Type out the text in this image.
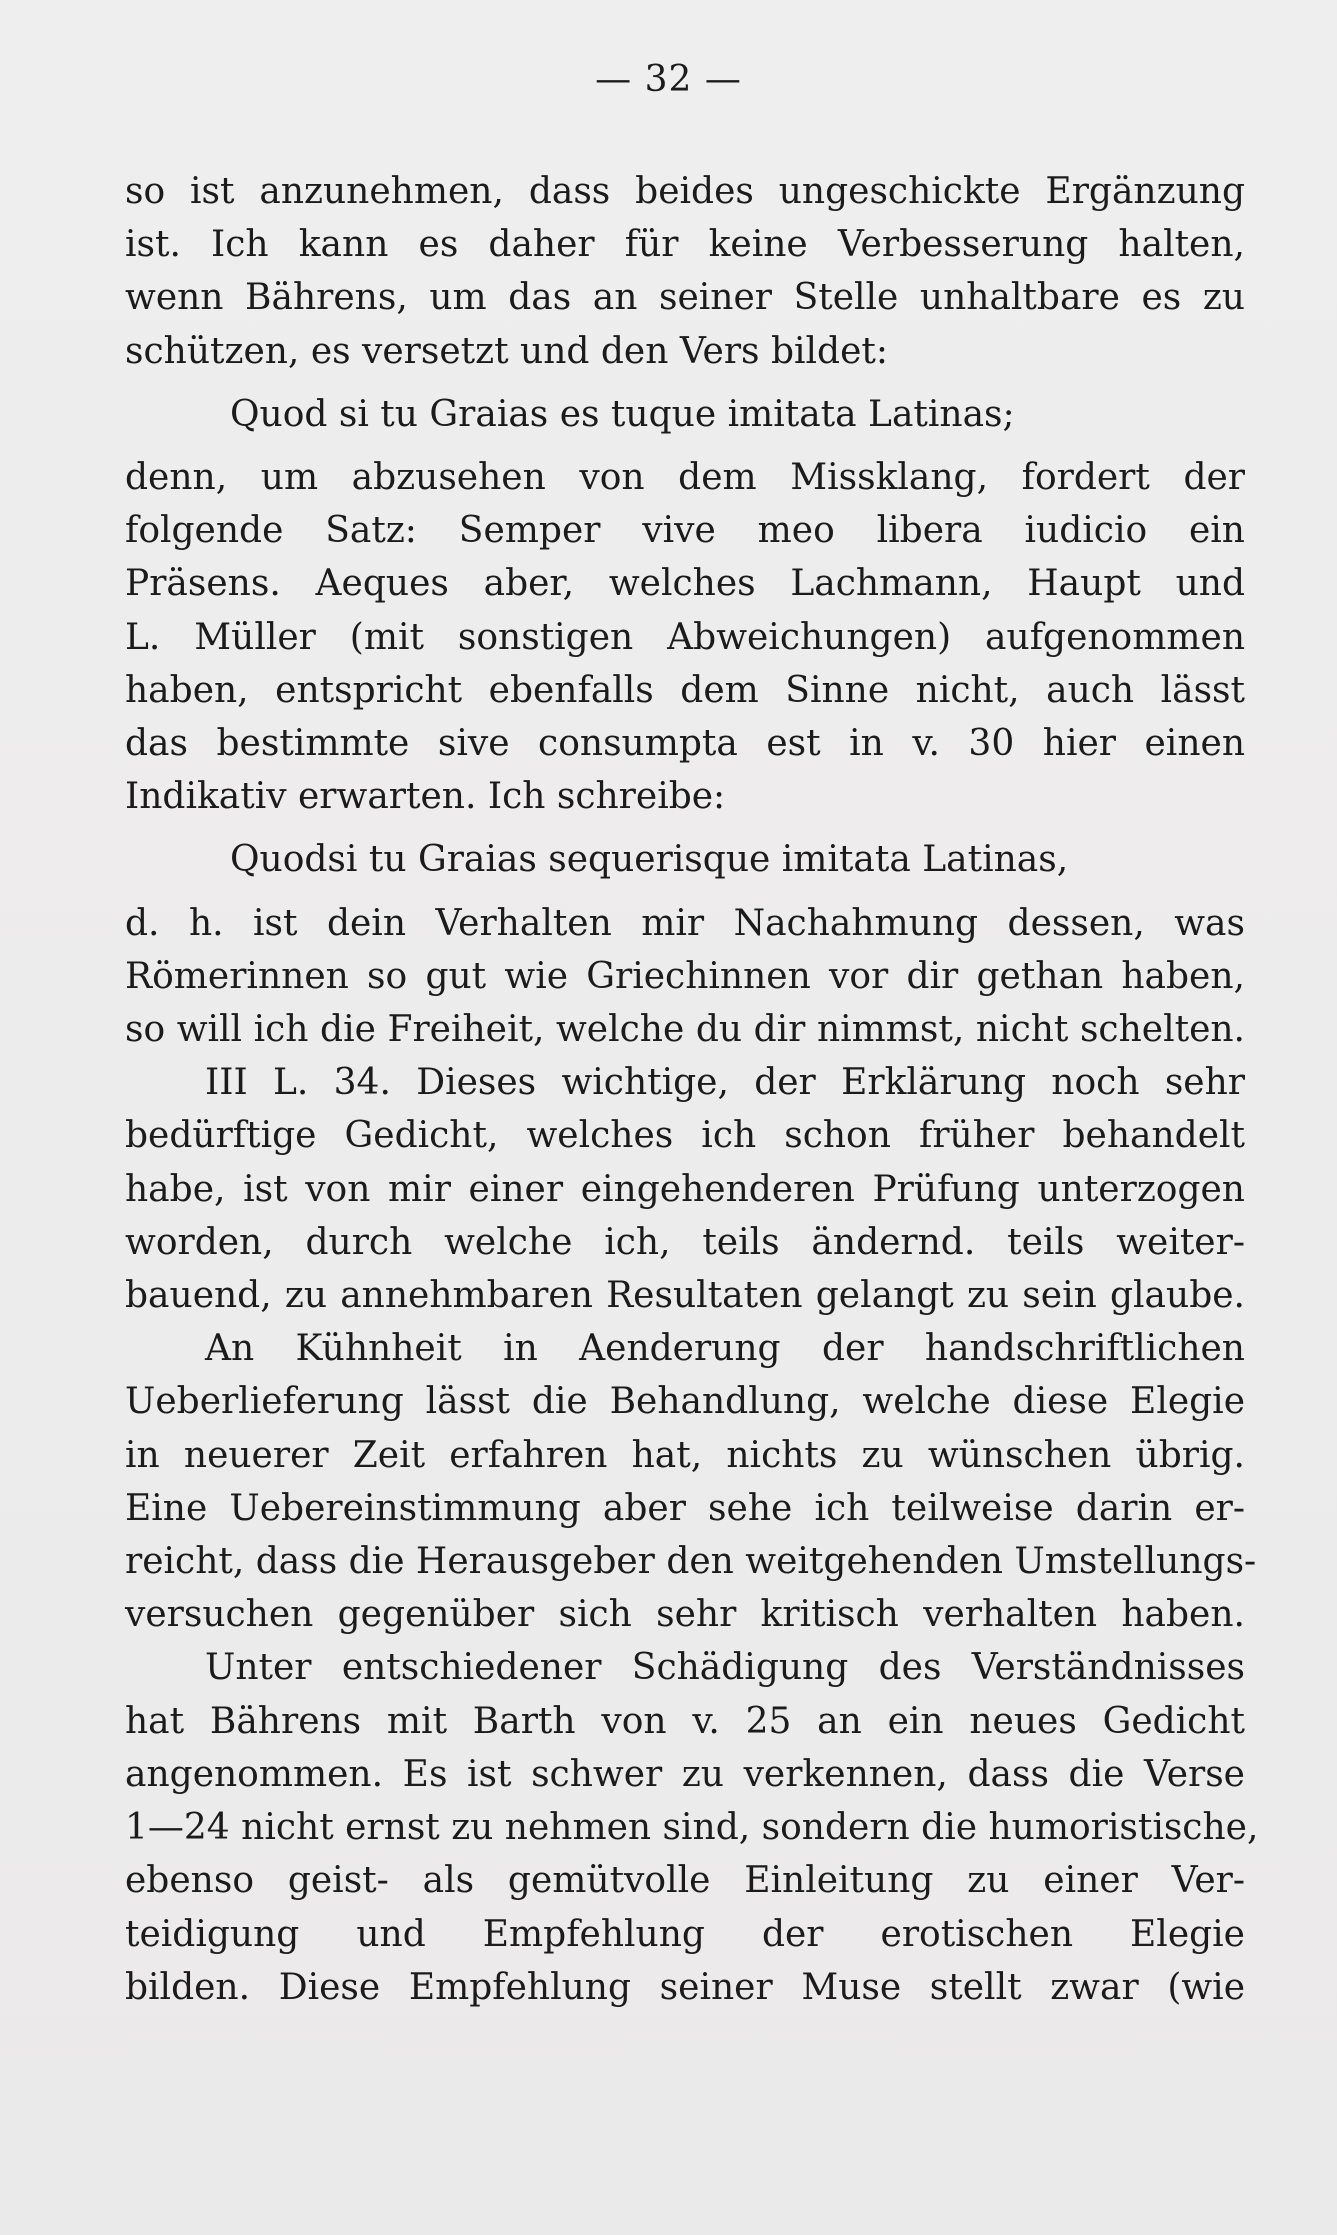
— 32 —

so ist anzunehmen, dass beides ungeschickte Ergänzung
ist. Ich kann es daher für keine Verbesserung halten,
wenn Bährens, um das an seiner Stelle unhaltbare es zu
schützen, es versetzt und den Vers bildet:

Quod si tu Graias es tuque imitata Latinas;

denn, um abzusehen von dem Missklang, fordert der
folgende Satz: Semper vive meo libera iudicio ein
Präsens. Aeques aber, welches Lachmann, Haupt und
L. Müller (mit sonstigen Abweichungen) aufgenommen
haben, entspricht ebenfalls dem Sinne nicht, auch lässt
das bestimmte sive consumpta est in v. 30 hier einen
Indikativ erwarten. Ich schreibe:

Quodsi tu Graias sequerisque imitata Latinas,

d. h. ist dein Verhalten mir Nachahmung dessen, was
Römerinnen so gut wie Griechinnen vor dir gethan haben,
so will ich die Freiheit, welche du dir nimmst, nicht schelten.

III L. 34. Dieses wichtige, der Erklärung noch sehr
bedürftige Gedicht, welches ich schon früher behandelt
habe, ist von mir einer eingehenderen Prüfung unterzogen
worden, durch welche ich, teils ändernd. teils weiter-
bauend, zu annehmbaren Resultaten gelangt zu sein glaube.

An Kühnheit in Aenderung der handschriftlichen
Ueberlieferung lässt die Behandlung, welche diese Elegie
in neuerer Zeit erfahren hat, nichts zu wünschen übrig.
Eine Uebereinstimmung aber sehe ich teilweise darin er-
reicht, dass die Herausgeber den weitgehenden Umstellungs-
versuchen gegenüber sich sehr kritisch verhalten haben.

Unter entschiedener Schädigung des Verständnisses
hat Bährens mit Barth von v. 25 an ein neues Gedicht
angenommen. Es ist schwer zu verkennen, dass die Verse
1—24 nicht ernst zu nehmen sind, sondern die humoristische,
ebenso geist- als gemütvolle Einleitung zu einer Ver-
teidigung und Empfehlung der erotischen Elegie
bilden. Diese Empfehlung seiner Muse stellt zwar (wie
